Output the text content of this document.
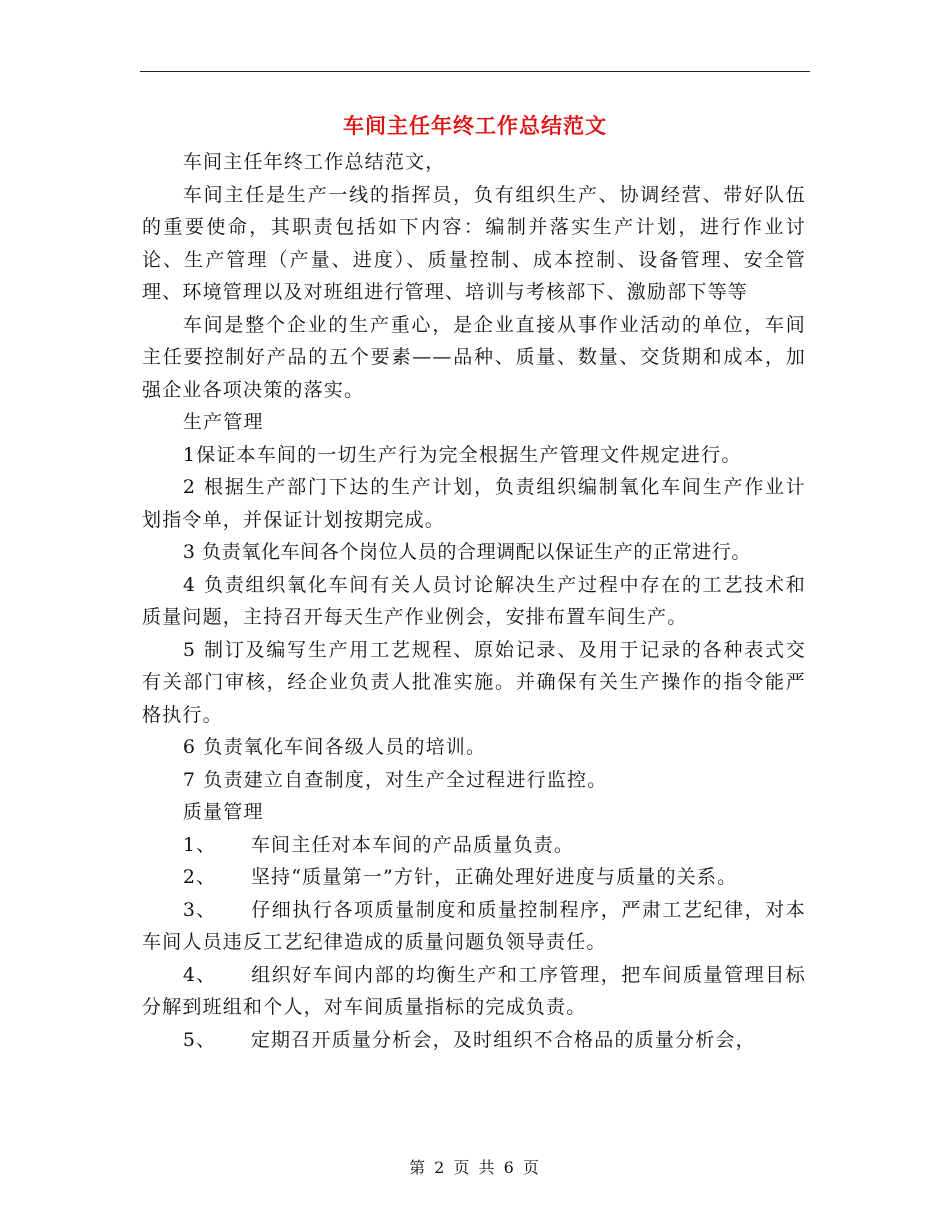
车间主任年终工作总结范文

车间主任年终工作总结范文，

车间主任是生产一线的指挥员，负有组织生产、协调经营、带好队伍的重要使命，其职责包括如下内容：编制并落实生产计划，进行作业讨论、生产管理（产量、进度）、质量控制、成本控制、设备管理、安全管理、环境管理以及对班组进行管理、培训与考核部下、激励部下等等

车间是整个企业的生产重心，是企业直接从事作业活动的单位，车间主任要控制好产品的五个要素——品种、质量、数量、交货期和成本，加强企业各项决策的落实。

生产管理

1保证本车间的一切生产行为完全根据生产管理文件规定进行。

2 根据生产部门下达的生产计划，负责组织编制氧化车间生产作业计划指令单，并保证计划按期完成。

3 负责氧化车间各个岗位人员的合理调配以保证生产的正常进行。

4 负责组织氧化车间有关人员讨论解决生产过程中存在的工艺技术和质量问题，主持召开每天生产作业例会，安排布置车间生产。

5 制订及编写生产用工艺规程、原始记录、及用于记录的各种表式交有关部门审核，经企业负责人批准实施。并确保有关生产操作的指令能严格执行。

6 负责氧化车间各级人员的培训。

7 负责建立自查制度，对生产全过程进行监控。

质量管理

1、 车间主任对本车间的产品质量负责。

2、 坚持“质量第一”方针，正确处理好进度与质量的关系。

3、 仔细执行各项质量制度和质量控制程序，严肃工艺纪律，对本车间人员违反工艺纪律造成的质量问题负领导责任。

4、 组织好车间内部的均衡生产和工序管理，把车间质量管理目标分解到班组和个人，对车间质量指标的完成负责。

5、 定期召开质量分析会，及时组织不合格品的质量分析会，

第 2 页 共 6 页
